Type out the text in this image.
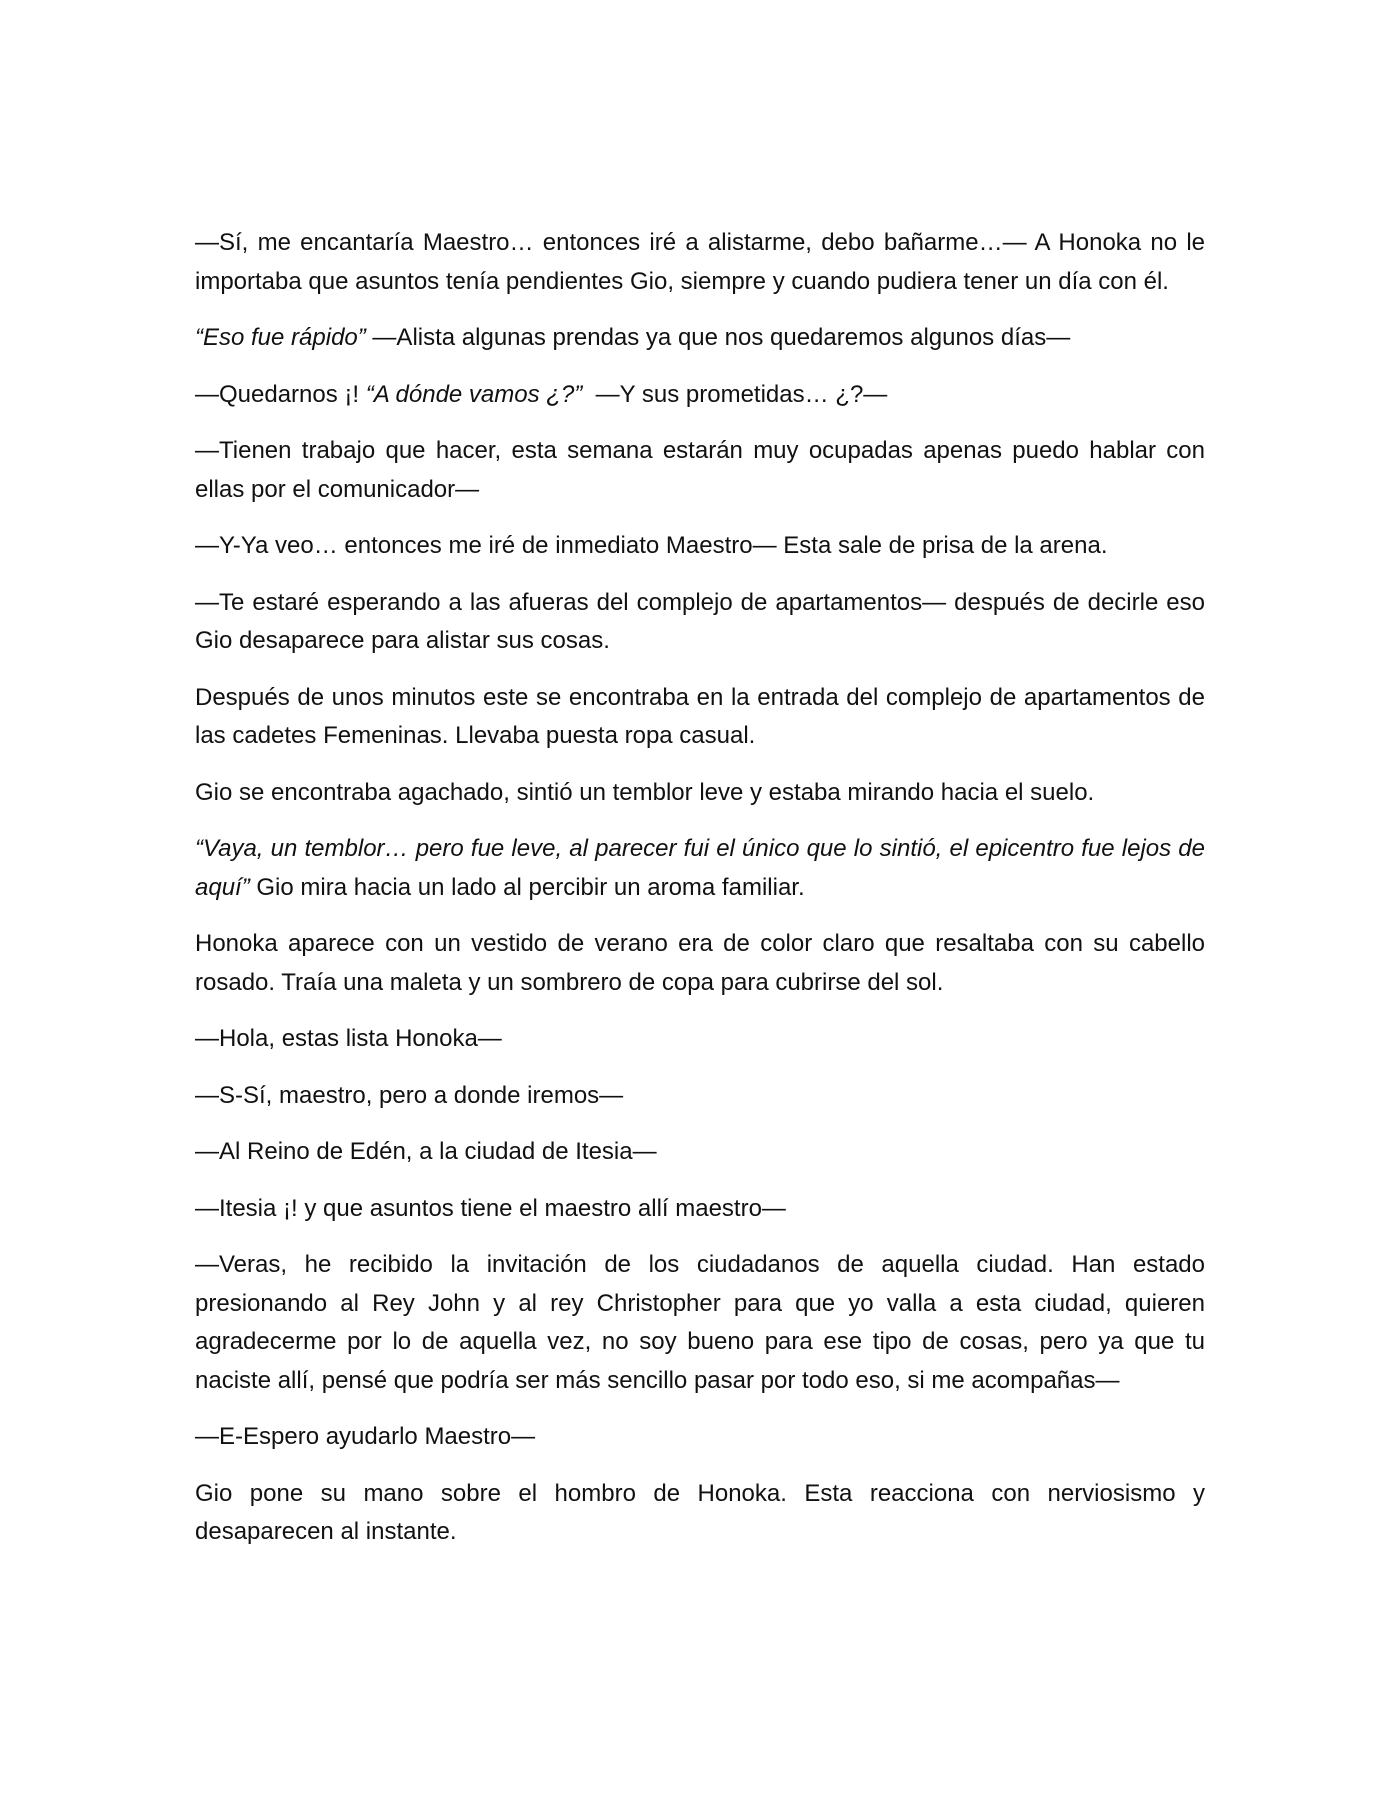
—Sí, me encantaría Maestro… entonces iré a alistarme, debo bañarme…— A Honoka no le importaba que asuntos tenía pendientes Gio, siempre y cuando pudiera tener un día con él.

“Eso fue rápido” —Alista algunas prendas ya que nos quedaremos algunos días—

—Quedarnos ¡! “A dónde vamos ¿?”  —Y sus prometidas… ¿?—

—Tienen trabajo que hacer, esta semana estarán muy ocupadas apenas puedo hablar con ellas por el comunicador—

—Y-Ya veo… entonces me iré de inmediato Maestro— Esta sale de prisa de la arena.

—Te estaré esperando a las afueras del complejo de apartamentos— después de decirle eso Gio desaparece para alistar sus cosas.

Después de unos minutos este se encontraba en la entrada del complejo de apartamentos de las cadetes Femeninas. Llevaba puesta ropa casual.

Gio se encontraba agachado, sintió un temblor leve y estaba mirando hacia el suelo.

“Vaya, un temblor… pero fue leve, al parecer fui el único que lo sintió, el epicentro fue lejos de aquí” Gio mira hacia un lado al percibir un aroma familiar.

Honoka aparece con un vestido de verano era de color claro que resaltaba con su cabello rosado. Traía una maleta y un sombrero de copa para cubrirse del sol.

—Hola, estas lista Honoka—

—S-Sí, maestro, pero a donde iremos—

—Al Reino de Edén, a la ciudad de Itesia—

—Itesia ¡! y que asuntos tiene el maestro allí maestro—

—Veras, he recibido la invitación de los ciudadanos de aquella ciudad. Han estado presionando al Rey John y al rey Christopher para que yo valla a esta ciudad, quieren agradecerme por lo de aquella vez, no soy bueno para ese tipo de cosas, pero ya que tu naciste allí, pensé que podría ser más sencillo pasar por todo eso, si me acompañas—

—E-Espero ayudarlo Maestro—

Gio pone su mano sobre el hombro de Honoka. Esta reacciona con nerviosismo y desaparecen al instante.
